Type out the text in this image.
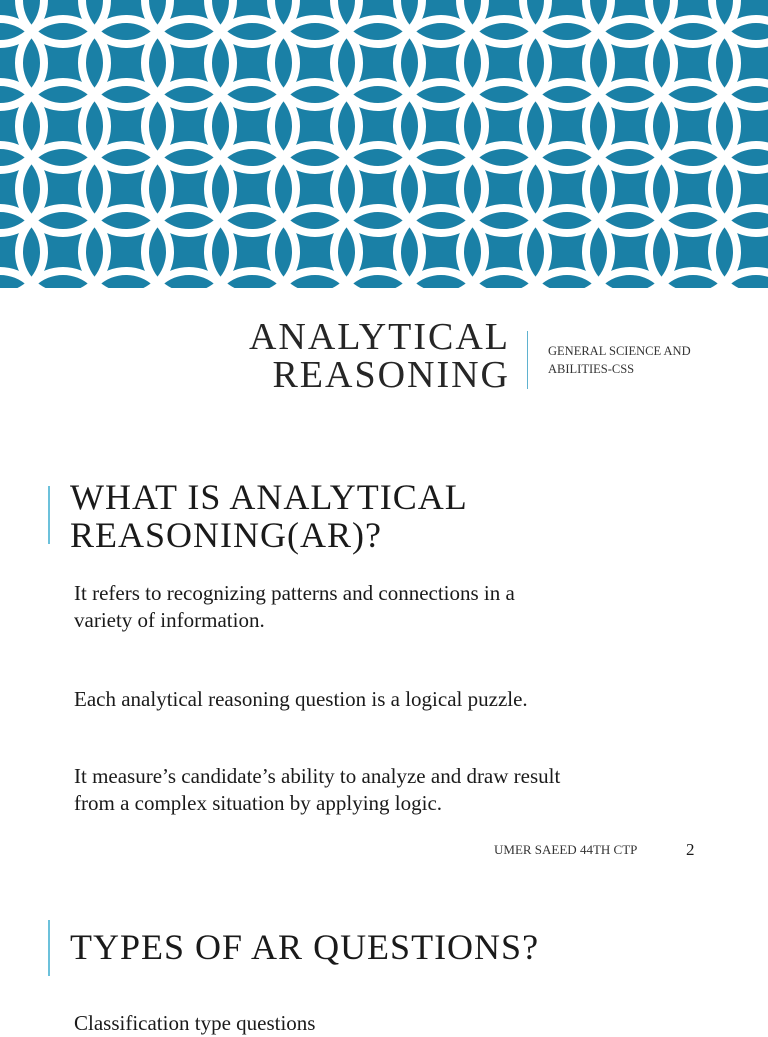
ANALYTICAL
REASONING
GENERAL SCIENCE AND
ABILITIES-CSS
WHAT IS ANALYTICAL
REASONING(AR)?
It refers to recognizing patterns and connections in a
variety of information.
Each analytical reasoning question is a logical puzzle.
It measure’s candidate’s ability to analyze and draw result
from a complex situation by applying logic.
UMER SAEED 44TH CTP	2
TYPES OF AR QUESTIONS?
Classification type questions
